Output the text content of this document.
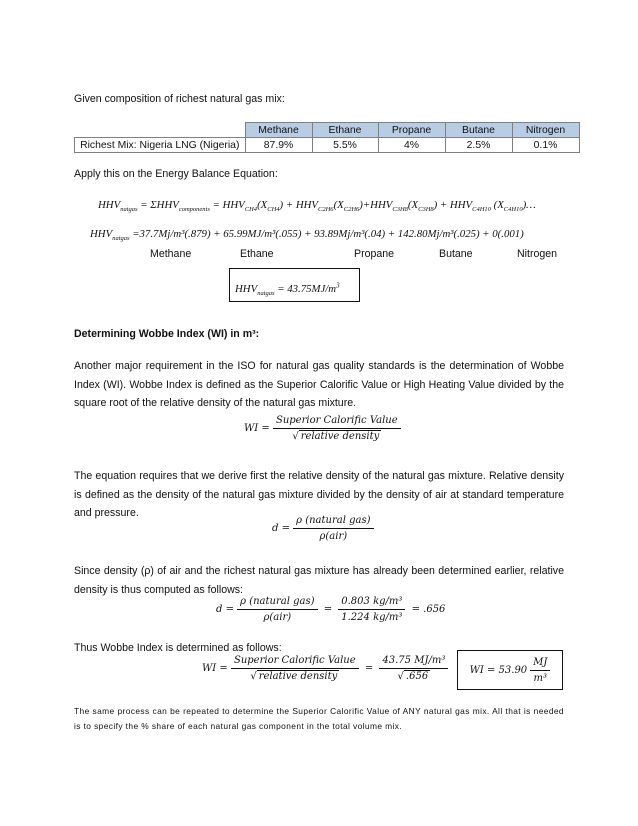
Given composition of richest natural gas mix:
	Methane	Ethane	Propane	Butane	Nitrogen
Richest Mix: Nigeria LNG (Nigeria)	87.9%	5.5%	4%	2.5%	0.1%
Apply this on the Energy Balance Equation:
$HHV_{natgas} = \Sigma HHV_{components} = HHV_{CH4}(X_{CH4}) + HHV_{C2H6}(X_{C2H6})+HHV_{C3H8}(X_{C3H8}) + HHV_{C4H10}$ $(X_{C4H10})\dots$
$HHV_{natgas} =37.7Mj/m^3(.879) + 65.99MJ/m^3(.055) + 93.89Mj/m^3(.04) + 142.80Mj/m^3(.025) + 0(.001)$
Methane	Ethane	Propane	Butane	Nitrogen
$HHV_{natgas} = 43.75MJ/m^3$
Determining Wobbe Index (WI) in m³:
Another major requirement in the ISO for natural gas quality standards is the determination of Wobbe Index (WI). Wobbe Index is defined as the Superior Calorific Value or High Heating Value divided by the square root of the relative density of the natural gas mixture.
WI = $\frac{\text{Superior Calorific Value}}{\text{√ relative density}}$
The equation requires that we derive first the relative density of the natural gas mixture. Relative density is defined as the density of the natural gas mixture divided by the density of air at standard temperature and pressure.
$d = \frac{\text{ρ (natural gas)}}{\text{ρ(air)}}$
Since density (ρ) of air and the richest natural gas mixture has already been determined earlier, relative density is thus computed as follows:
$d = \frac{\text{ρ (natural gas)}}{\text{ρ(air)}} = \frac{\text{0.803 kg/m³}}{\text{1.224 kg/m³}} = .656$
Thus Wobbe Index is determined as follows:
WI = $\frac{\text{Superior Calorific Value}}{\text{√ relative density}} = \frac{\text{43.75 MJ/m³}}{√ .656}$ WI = $53.90 \frac{MJ}{\text{m³}}$
The same process can be repeated to determine the Superior Calorific Value of ANY natural gas mix. All that is needed is to specify the % share of each natural gas component in the total volume mix.
